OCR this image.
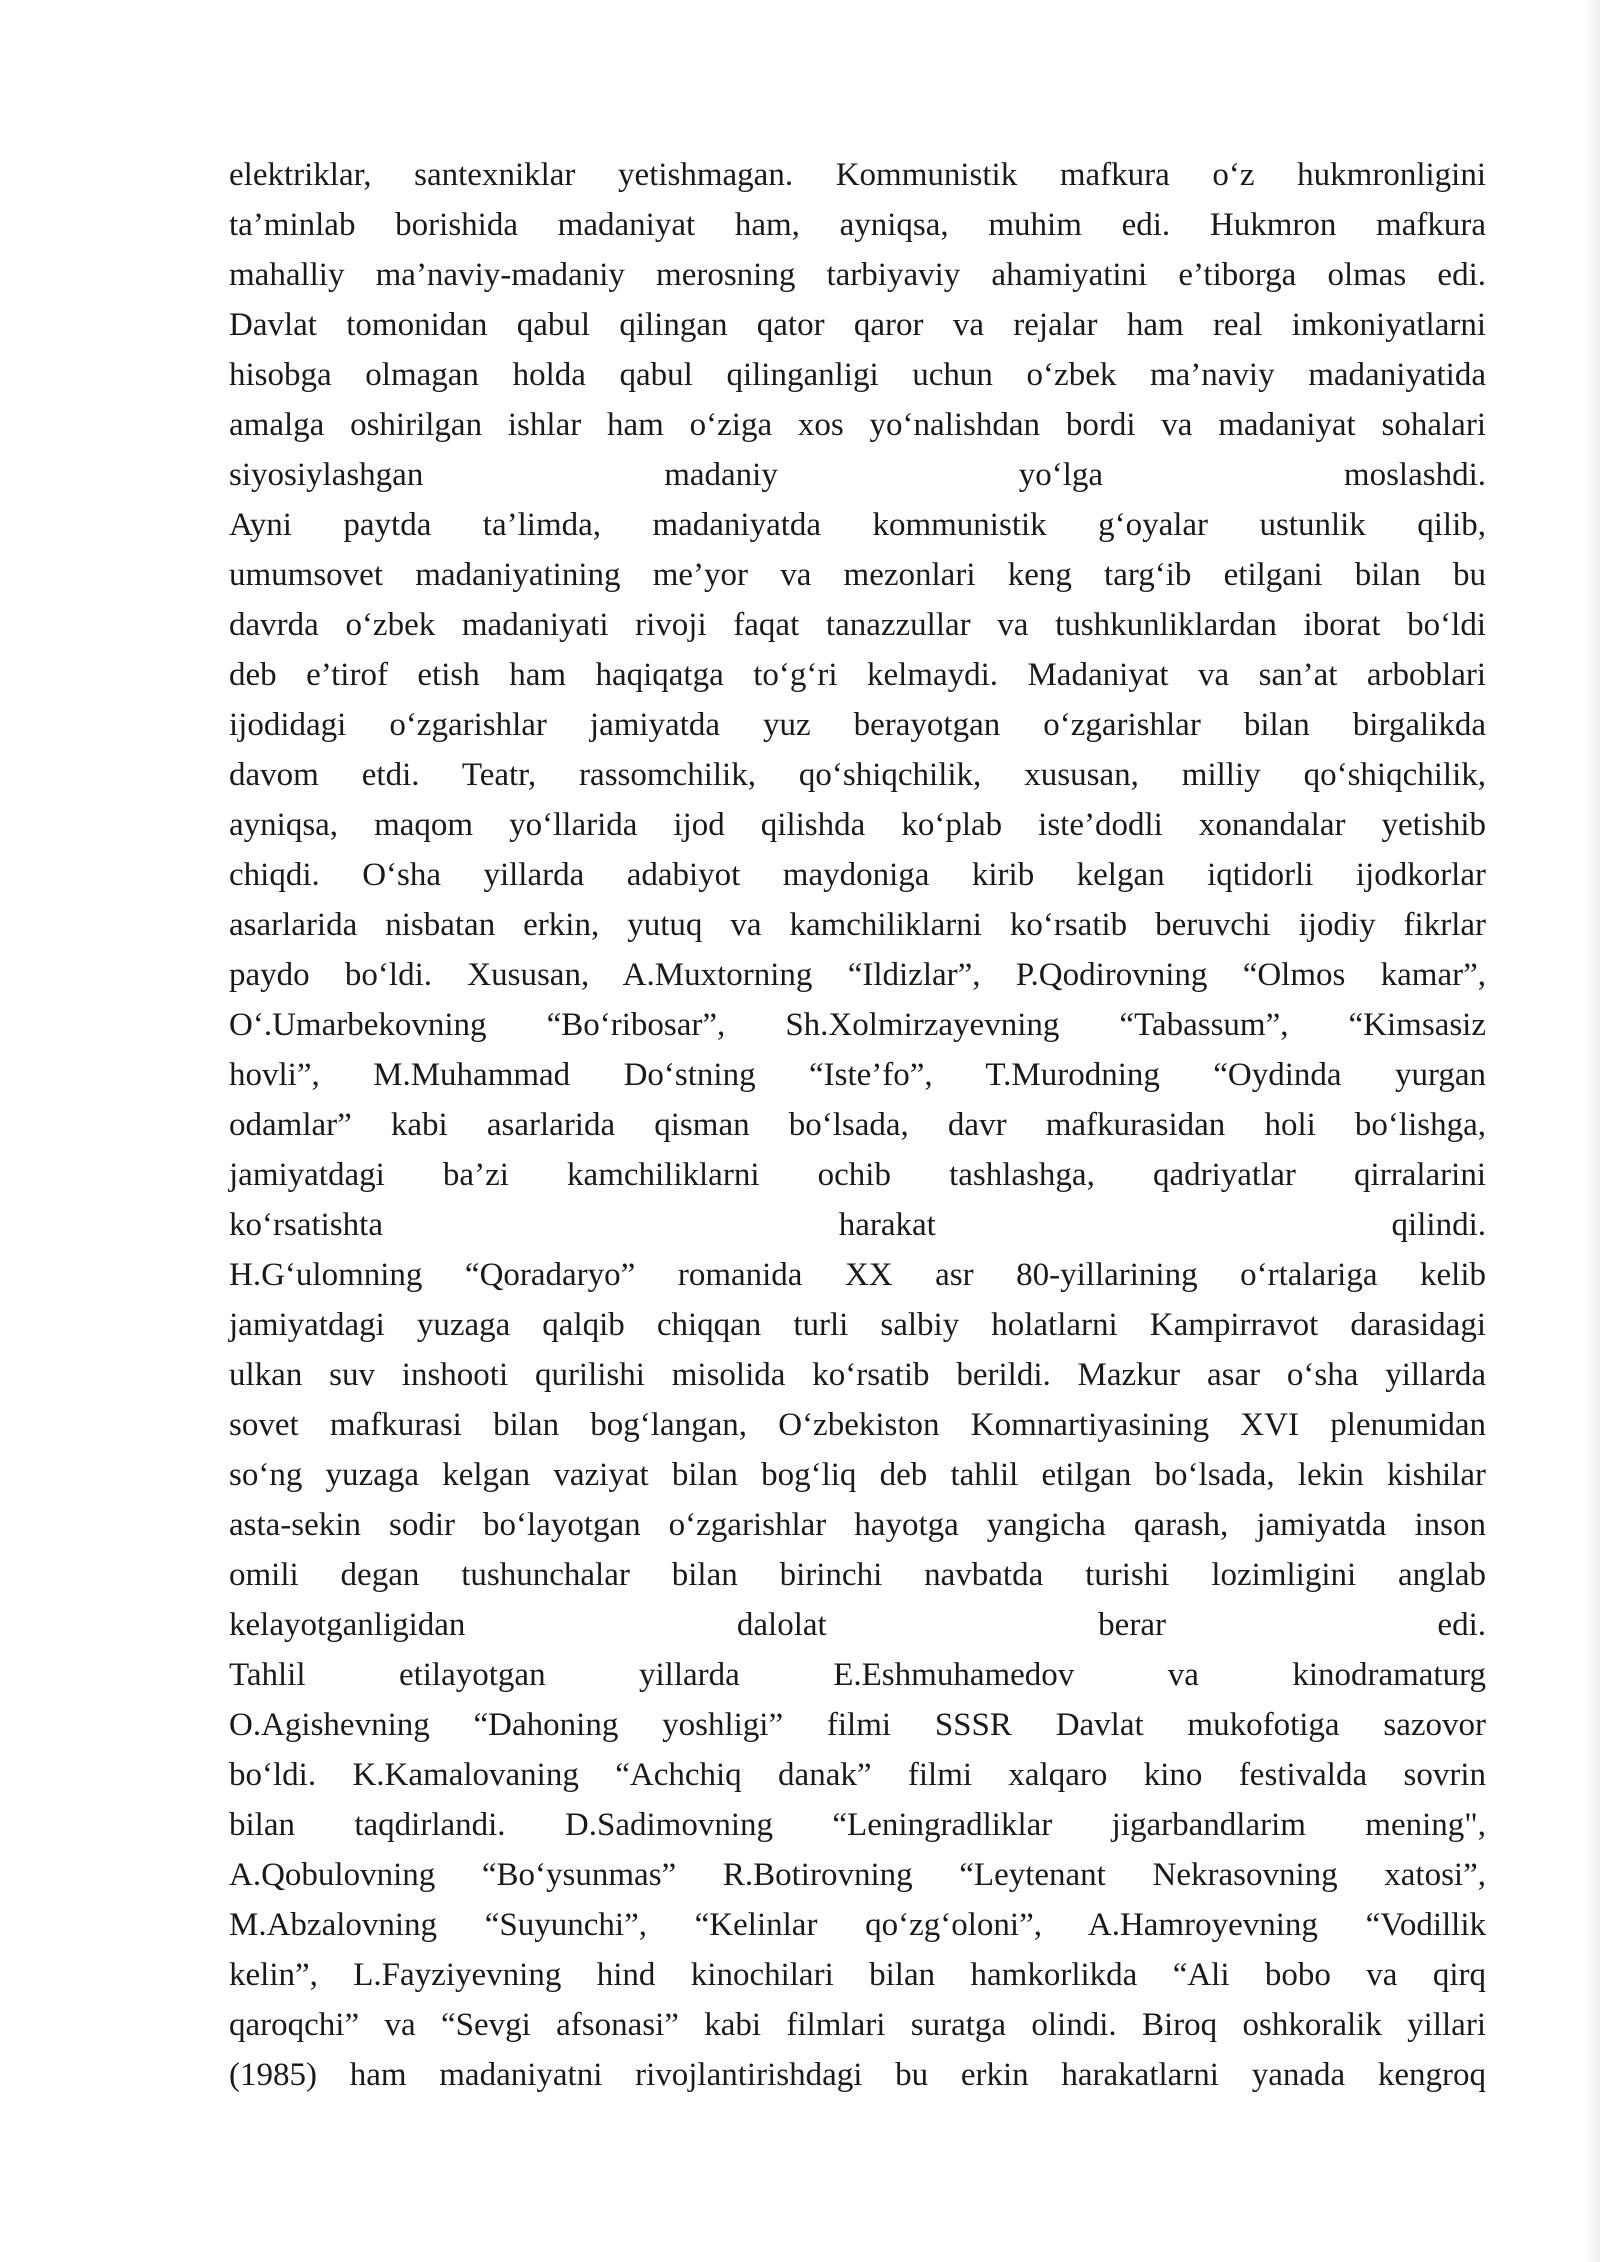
elektriklar, santexniklar yetishmagan. Kommunistik mafkura o‘z hukmronligini
ta’minlab borishida madaniyat ham, ayniqsa, muhim edi. Hukmron mafkura
mahalliy ma’naviy-madaniy merosning tarbiyaviy ahamiyatini e’tiborga olmas edi.
Davlat tomonidan qabul qilingan qator qaror va rejalar ham real imkoniyatlarni
hisobga olmagan holda qabul qilinganligi uchun o‘zbek ma’naviy madaniyatida
amalga oshirilgan ishlar ham o‘ziga xos yo‘nalishdan bordi va madaniyat sohalari
siyosiylashgan madaniy yo‘lga moslashdi.
Ayni paytda ta’limda, madaniyatda kommunistik g‘oyalar ustunlik qilib,
umumsovet madaniyatining me’yor va mezonlari keng targ‘ib etilgani bilan bu
davrda o‘zbek madaniyati rivoji faqat tanazzullar va tushkunliklardan iborat bo‘ldi
deb e’tirof etish ham haqiqatga to‘g‘ri kelmaydi. Madaniyat va san’at arboblari
ijodidagi o‘zgarishlar jamiyatda yuz berayotgan o‘zgarishlar bilan birgalikda
davom etdi. Teatr, rassomchilik, qo‘shiqchilik, xususan, milliy qo‘shiqchilik,
ayniqsa, maqom yo‘llarida ijod qilishda ko‘plab iste’dodli xonandalar yetishib
chiqdi. O‘sha yillarda adabiyot maydoniga kirib kelgan iqtidorli ijodkorlar
asarlarida nisbatan erkin, yutuq va kamchiliklarni ko‘rsatib beruvchi ijodiy fikrlar
paydo bo‘ldi. Xususan, A.Muxtorning “Ildizlar”, P.Qodirovning “Olmos kamar”,
O‘.Umarbekovning “Bo‘ribosar”, Sh.Xolmirzayevning “Tabassum”, “Kimsasiz
hovli”, M.Muhammad Do‘stning “Iste’fo”, T.Murodning “Oydinda yurgan
odamlar” kabi asarlarida qisman bo‘lsada, davr mafkurasidan holi bo‘lishga,
jamiyatdagi ba’zi kamchiliklarni ochib tashlashga, qadriyatlar qirralarini
ko‘rsatishta harakat qilindi.
H.G‘ulomning “Qoradaryo” romanida XX asr 80-yillarining o‘rtalariga kelib
jamiyatdagi yuzaga qalqib chiqqan turli salbiy holatlarni Kampirravot darasidagi
ulkan suv inshooti qurilishi misolida ko‘rsatib berildi. Mazkur asar o‘sha yillarda
sovet mafkurasi bilan bog‘langan, O‘zbekiston Komnartiyasining XVI plenumidan
so‘ng yuzaga kelgan vaziyat bilan bog‘liq deb tahlil etilgan bo‘lsada, lekin kishilar
asta-sekin sodir bo‘layotgan o‘zgarishlar hayotga yangicha qarash, jamiyatda inson
omili degan tushunchalar bilan birinchi navbatda turishi lozimligini anglab
kelayotganligidan dalolat berar edi.
Tahlil etilayotgan yillarda E.Eshmuhamedov va kinodramaturg
O.Agishevning “Dahoning yoshligi” filmi SSSR Davlat mukofotiga sazovor
bo‘ldi. K.Kamalovaning “Achchiq danak” filmi xalqaro kino festivalda sovrin
bilan taqdirlandi. D.Sadimovning “Leningradliklar jigarbandlarim mening",
A.Qobulovning “Bo‘ysunmas” R.Botirovning “Leytenant Nekrasovning xatosi”,
M.Abzalovning “Suyunchi”, “Kelinlar qo‘zg‘oloni”, A.Hamroyevning “Vodillik
kelin”, L.Fayziyevning hind kinochilari bilan hamkorlikda “Ali bobo va qirq
qaroqchi” va “Sevgi afsonasi” kabi filmlari suratga olindi. Biroq oshkoralik yillari
(1985) ham madaniyatni rivojlantirishdagi bu erkin harakatlarni yanada kengroq
